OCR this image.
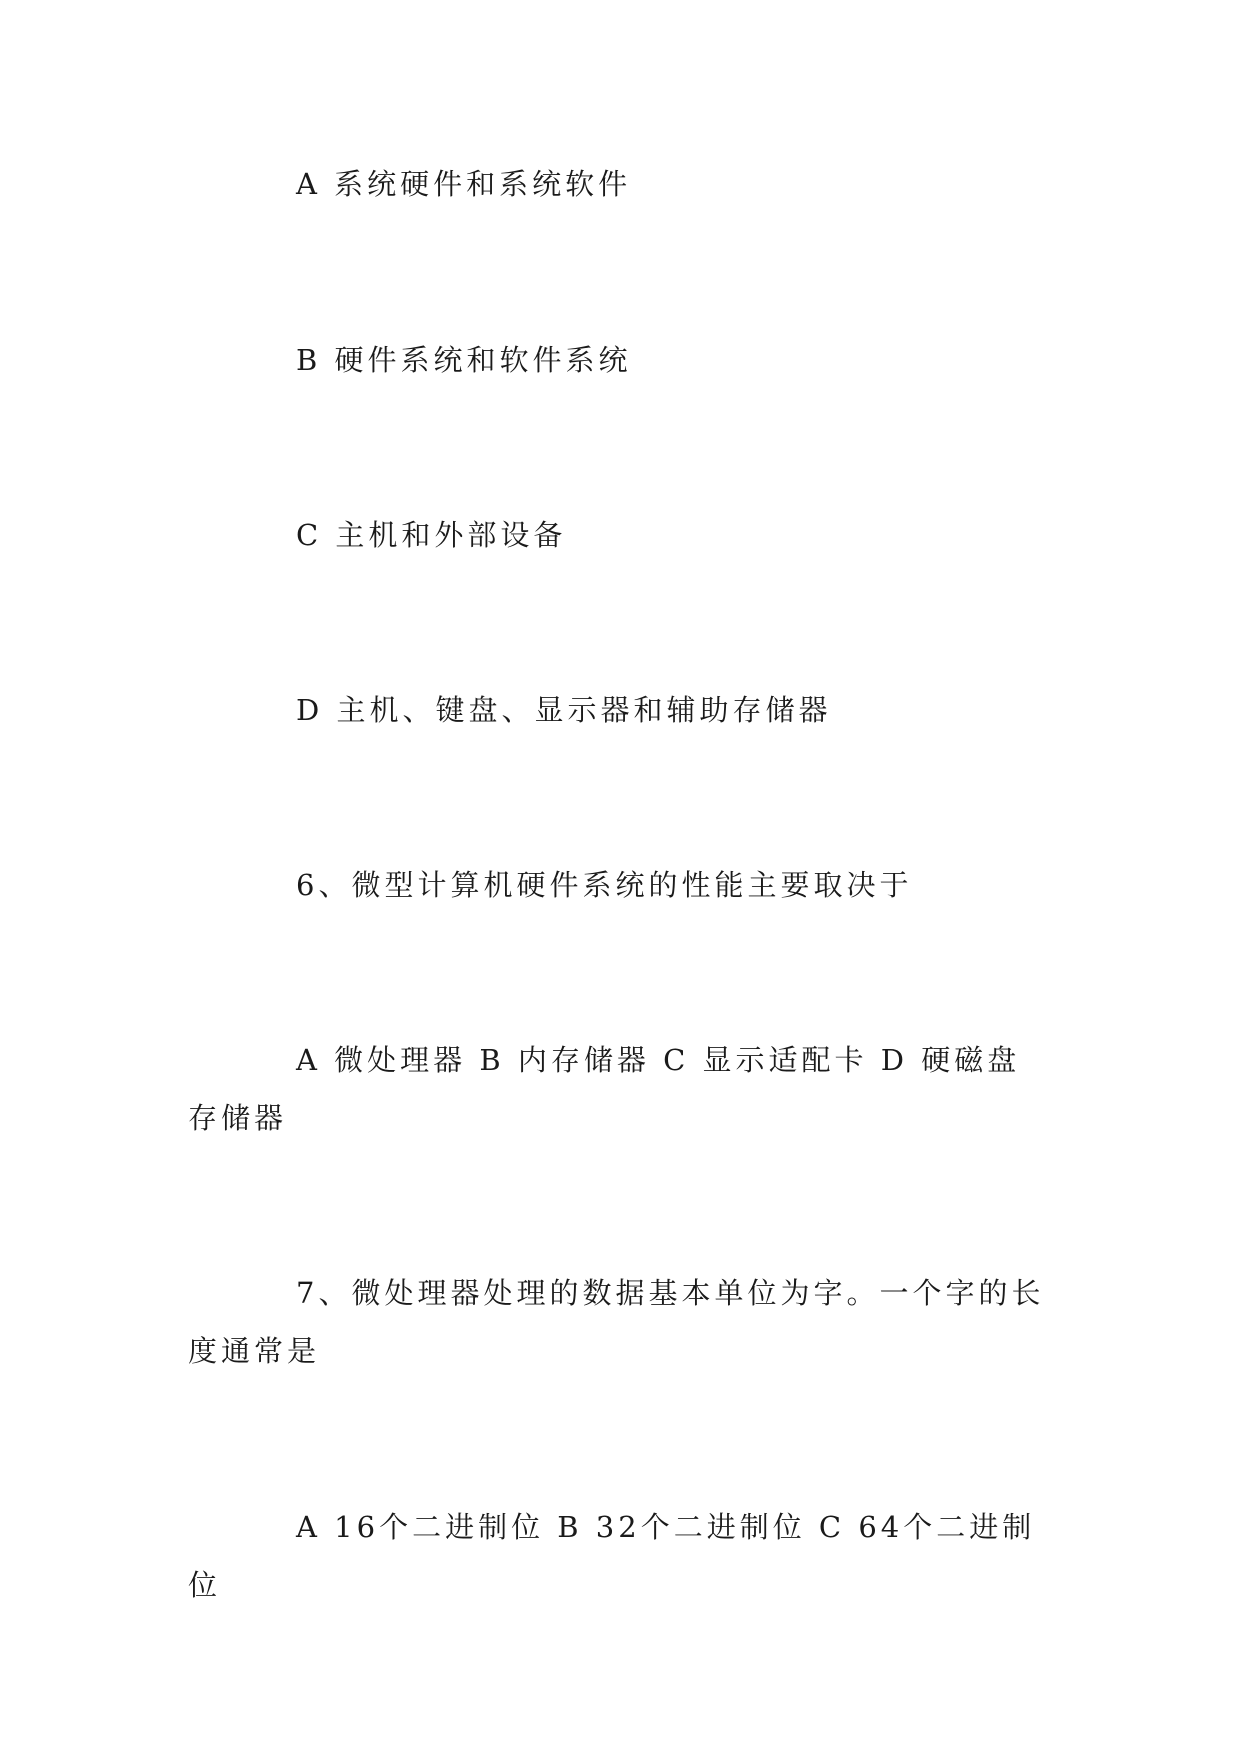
A 系统硬件和系统软件

B 硬件系统和软件系统

C 主机和外部设备

D 主机、键盘、显示器和辅助存储器

6、微型计算机硬件系统的性能主要取决于

A 微处理器 B 内存储器 C 显示适配卡 D 硬磁盘存储器

7、微处理器处理的数据基本单位为字。一个字的长度通常是

A 16个二进制位 B 32个二进制位 C 64个二进制位
